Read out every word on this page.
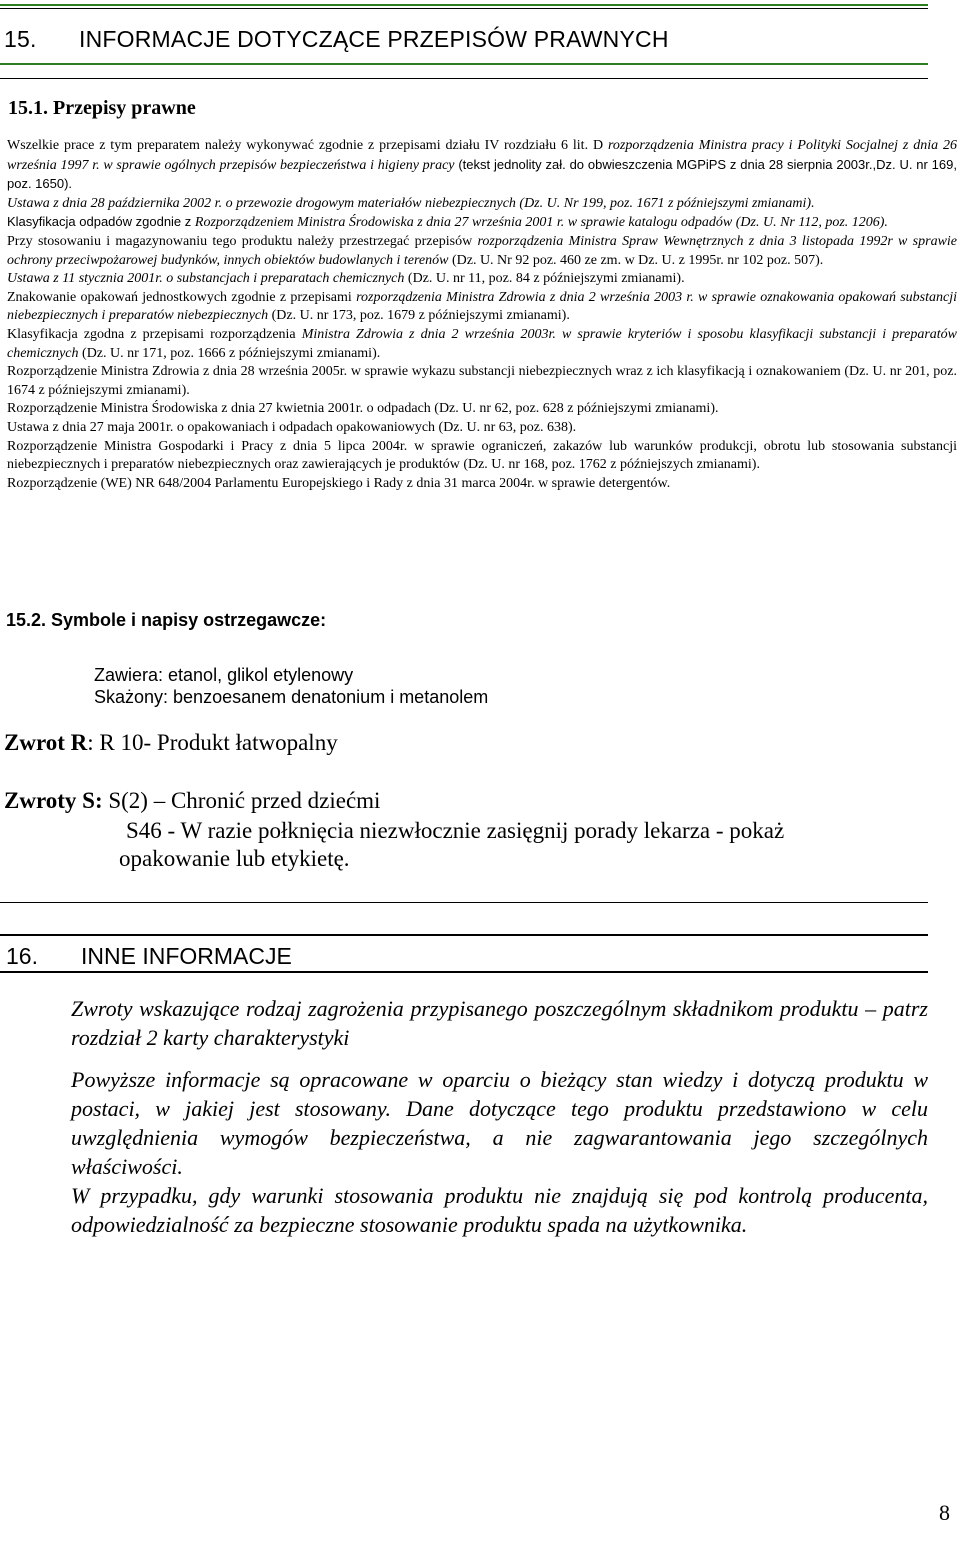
15. INFORMACJE DOTYCZĄCE PRZEPISÓW PRAWNYCH
15.1. Przepisy prawne

Wszelkie prace z tym preparatem należy wykonywać zgodnie z przepisami działu IV rozdziału 6 lit. D rozporządzenia Ministra pracy i Polityki Socjalnej z dnia 26 września 1997 r. w sprawie ogólnych przepisów bezpieczeństwa i higieny pracy (tekst jednolity zał. do obwieszczenia MGPiPS z dnia 28 sierpnia 2003r.,Dz. U. nr 169, poz. 1650).

Ustawa z dnia 28 października 2002 r. o przewozie drogowym materiałów niebezpiecznych (Dz. U. Nr 199, poz. 1671 z późniejszymi zmianami).

Klasyfikacja odpadów zgodnie z Rozporządzeniem Ministra Środowiska z dnia 27 września 2001 r. w sprawie katalogu odpadów (Dz. U. Nr 112, poz. 1206).

Przy stosowaniu i magazynowaniu tego produktu należy przestrzegać przepisów rozporządzenia Ministra Spraw Wewnętrznych z dnia 3 listopada 1992r w sprawie ochrony przeciwpożarowej budynków, innych obiektów budowlanych i terenów (Dz. U. Nr 92 poz. 460 ze zm. w Dz. U. z 1995r. nr 102 poz. 507).

Ustawa z 11 stycznia 2001r. o substancjach i preparatach chemicznych (Dz. U. nr 11, poz. 84 z późniejszymi zmianami).

Znakowanie opakowań jednostkowych zgodnie z przepisami rozporządzenia Ministra Zdrowia z dnia 2 września 2003 r. w sprawie oznakowania opakowań substancji niebezpiecznych i preparatów niebezpiecznych (Dz. U. nr 173, poz. 1679 z późniejszymi zmianami).

Klasyfikacja zgodna z przepisami rozporządzenia Ministra Zdrowia z dnia 2 września 2003r. w sprawie kryteriów i sposobu klasyfikacji substancji i preparatów chemicznych (Dz. U. nr 171, poz. 1666 z późniejszymi zmianami).

Rozporządzenie Ministra Zdrowia z dnia 28 września 2005r. w sprawie wykazu substancji niebezpiecznych wraz z ich klasyfikacją i oznakowaniem (Dz. U. nr 201, poz. 1674 z późniejszymi zmianami).

Rozporządzenie Ministra Środowiska z dnia 27 kwietnia 2001r. o odpadach (Dz. U. nr 62, poz. 628 z późniejszymi zmianami).

Ustawa z dnia 27 maja 2001r. o opakowaniach i odpadach opakowaniowych (Dz. U. nr 63, poz. 638).

Rozporządzenie Ministra Gospodarki i Pracy z dnia 5 lipca 2004r. w sprawie ograniczeń, zakazów lub warunków produkcji, obrotu lub stosowania substancji niebezpiecznych i preparatów niebezpiecznych oraz zawierających je produktów (Dz. U. nr 168, poz. 1762 z późniejszych zmianami).

Rozporządzenie (WE) NR 648/2004 Parlamentu Europejskiego i Rady z dnia 31 marca 2004r. w sprawie detergentów.

15.2. Symbole i napisy ostrzegawcze:
Zawiera: etanol, glikol etylenowy
Skażony: benzoesanem denatonium i metanolem
Zwrot R: R 10- Produkt łatwopalny
Zwroty S: S(2) – Chronić przed dziećmi
S46 - W razie połknięcia niezwłocznie zasięgnij porady lekarza - pokaż
opakowanie lub etykietę.
16. INNE INFORMACJE

Zwroty wskazujące rodzaj zagrożenia przypisanego poszczególnym składnikom produktu – patrz rozdział 2 karty charakterystyki

Powyższe informacje są opracowane w oparciu o bieżący stan wiedzy i dotyczą produktu w postaci, w jakiej jest stosowany. Dane dotyczące tego produktu przedstawiono w celu uwzględnienia wymogów bezpieczeństwa, a nie zagwarantowania jego szczególnych właściwości.

W przypadku, gdy warunki stosowania produktu nie znajdują się pod kontrolą producenta, odpowiedzialność za bezpieczne stosowanie produktu spada na użytkownika.

8
